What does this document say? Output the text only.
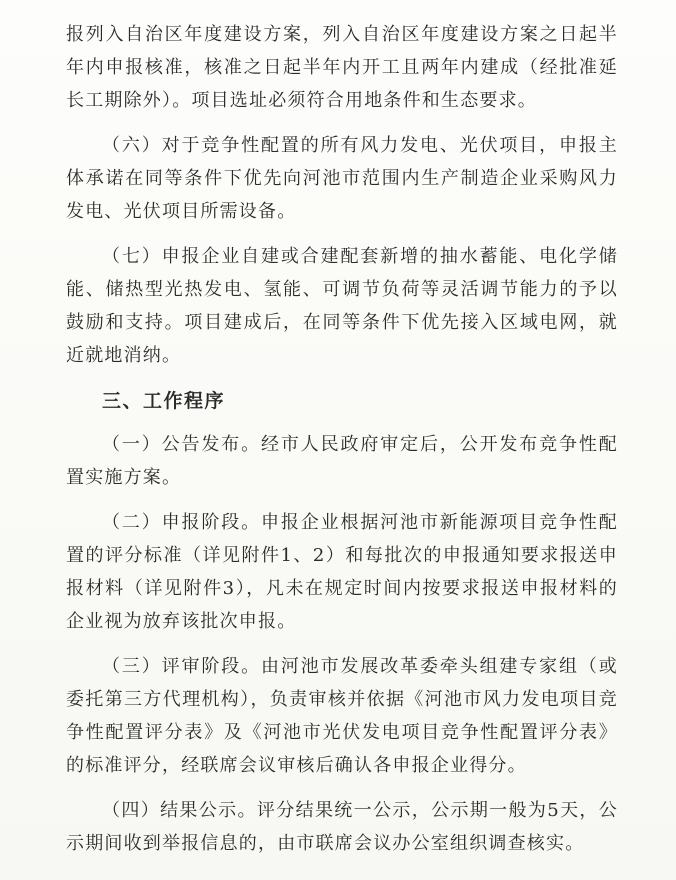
报列入自治区年度建设方案，列入自治区年度建设方案之日起半年内申报核准，核准之日起半年内开工且两年内建成（经批准延长工期除外）。项目选址必须符合用地条件和生态要求。

（六）对于竞争性配置的所有风力发电、光伏项目，申报主体承诺在同等条件下优先向河池市范围内生产制造企业采购风力发电、光伏项目所需设备。

（七）申报企业自建或合建配套新增的抽水蓄能、电化学储能、储热型光热发电、氢能、可调节负荷等灵活调节能力的予以鼓励和支持。项目建成后，在同等条件下优先接入区域电网，就近就地消纳。

三、工作程序

（一）公告发布。经市人民政府审定后，公开发布竞争性配置实施方案。

（二）申报阶段。申报企业根据河池市新能源项目竞争性配置的评分标准（详见附件1、2）和每批次的申报通知要求报送申报材料（详见附件3），凡未在规定时间内按要求报送申报材料的企业视为放弃该批次申报。

（三）评审阶段。由河池市发展改革委牵头组建专家组（或委托第三方代理机构），负责审核并依据《河池市风力发电项目竞争性配置评分表》及《河池市光伏发电项目竞争性配置评分表》的标准评分，经联席会议审核后确认各申报企业得分。

（四）结果公示。评分结果统一公示，公示期一般为5天，公示期间收到举报信息的，由市联席会议办公室组织调查核实。
